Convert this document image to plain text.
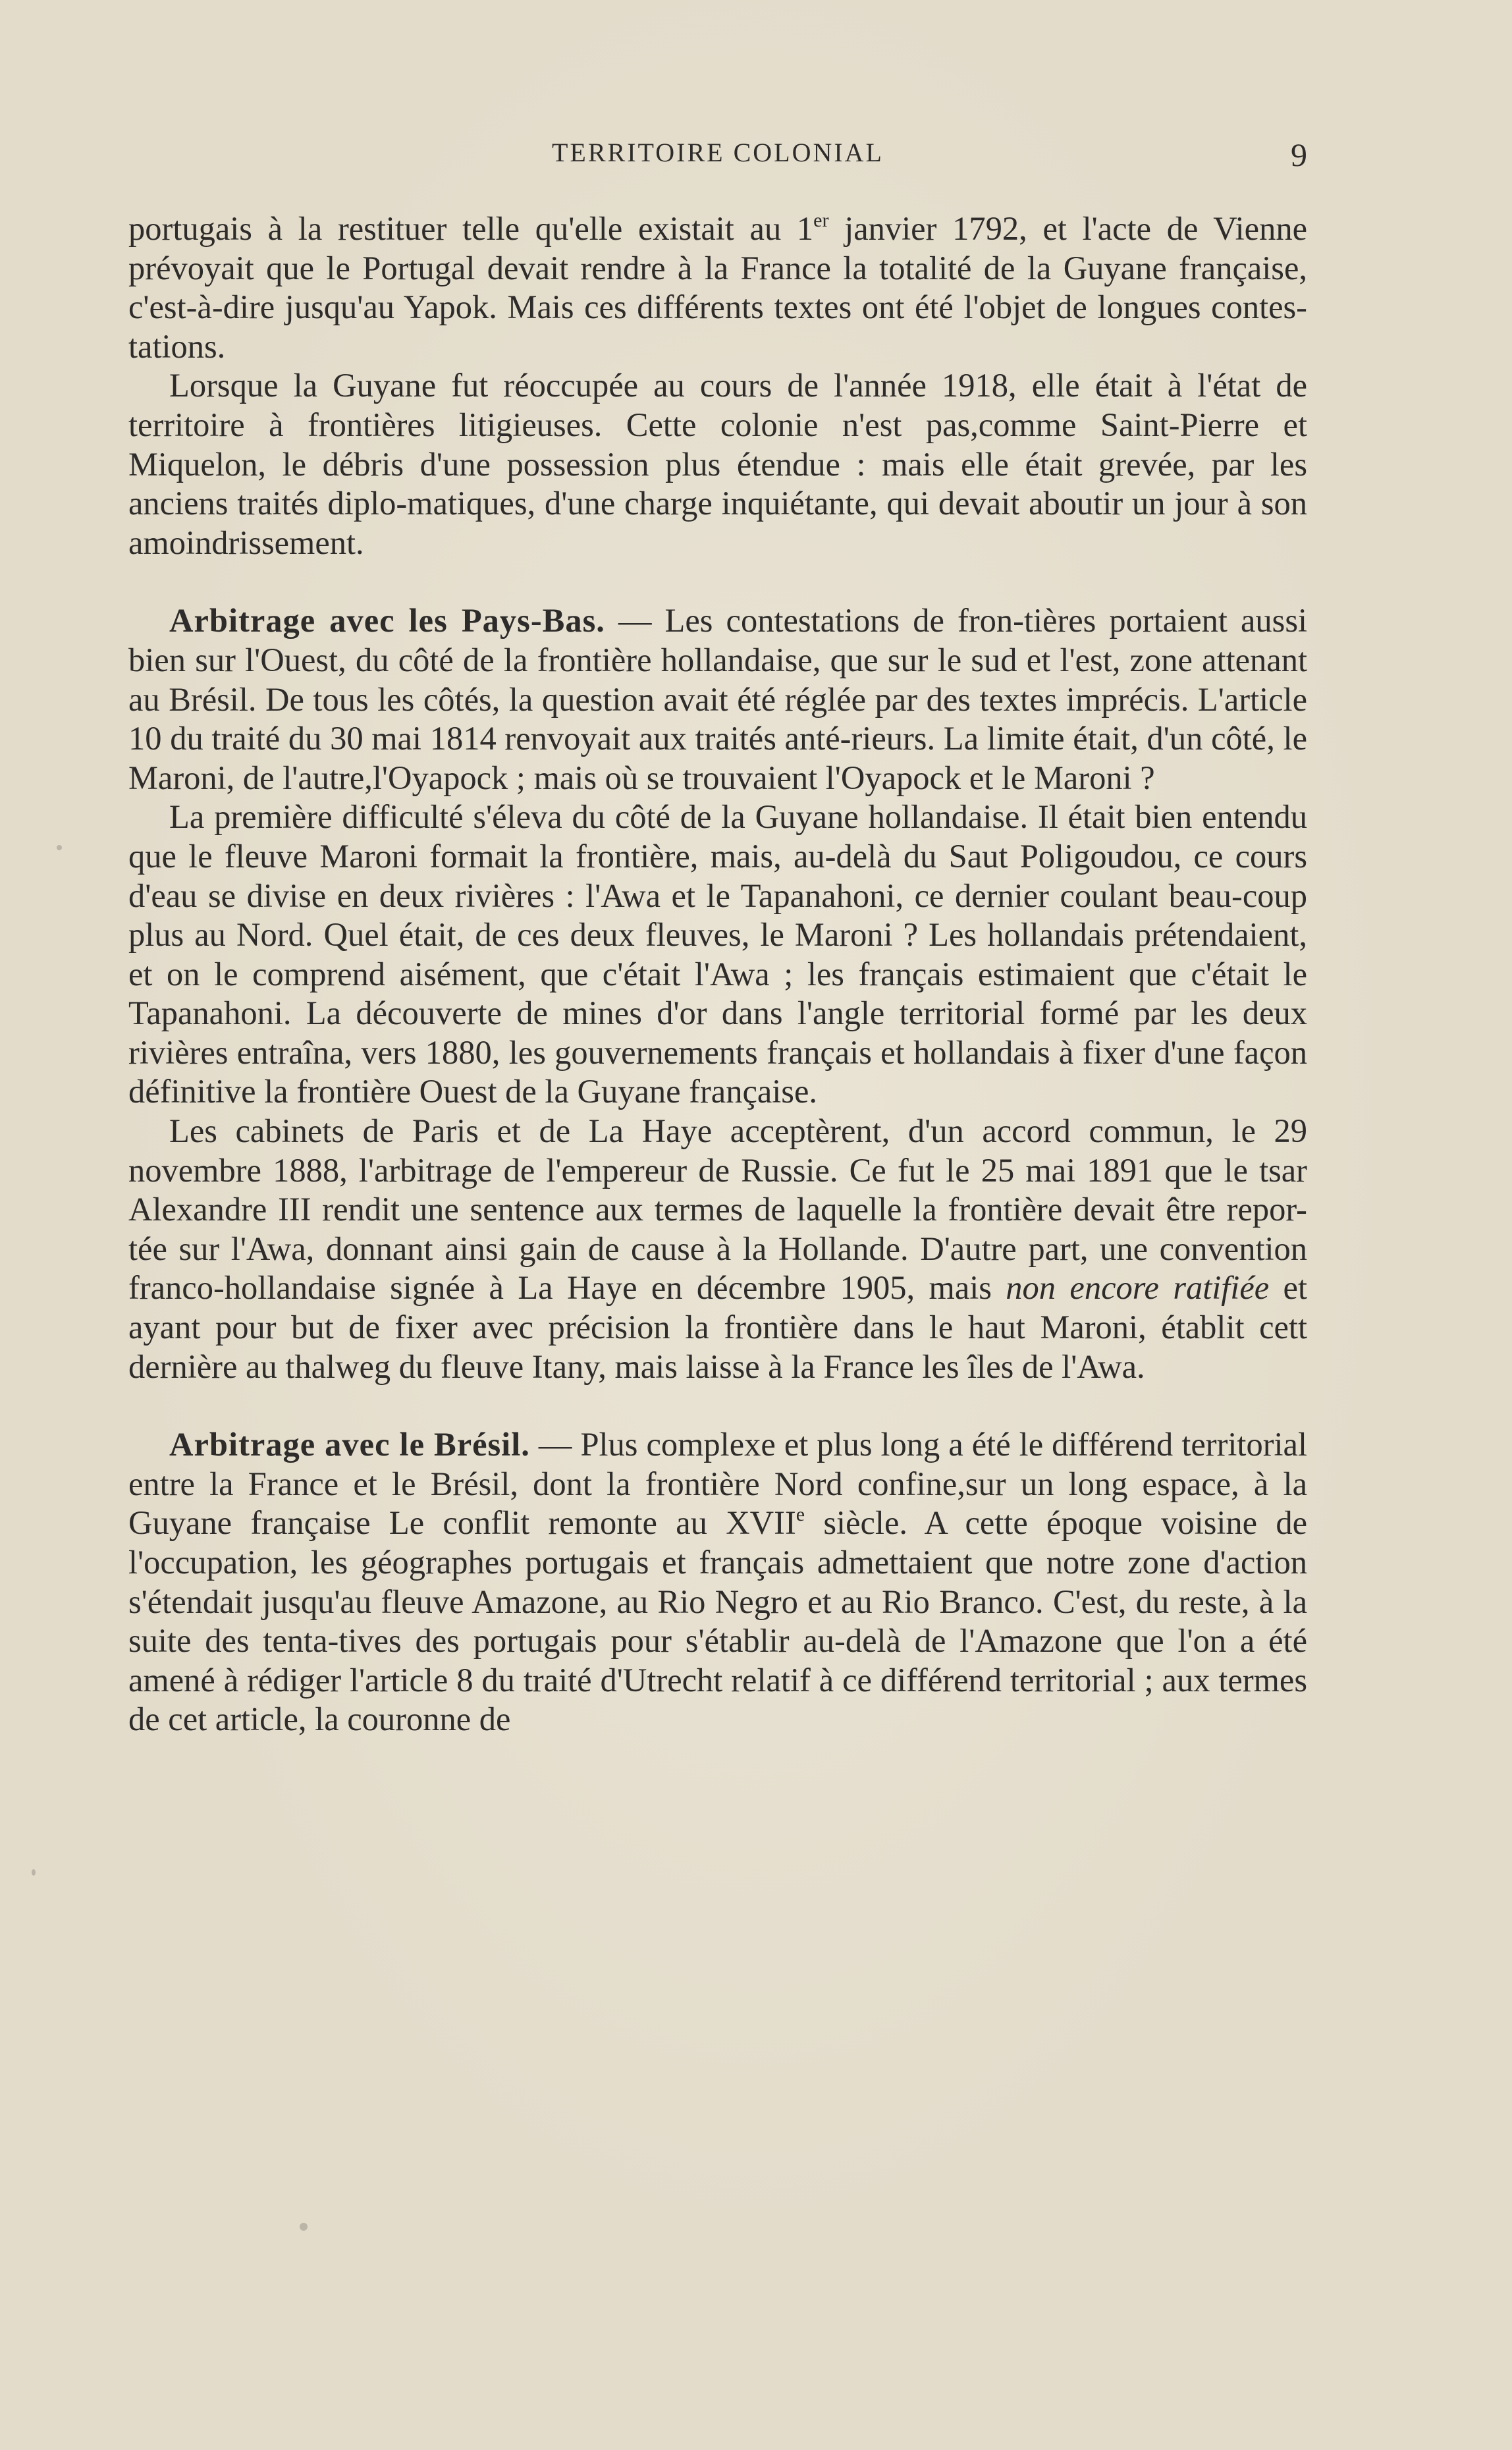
TERRITOIRE COLONIAL	9

portugais à la restituer telle qu'elle existait au 1er janvier 1792, et l'acte de Vienne prévoyait que le Portugal devait rendre à la France la totalité de la Guyane française, c'est-à-dire jusqu'au Yapok. Mais ces différents textes ont été l'objet de longues contes-tations.

Lorsque la Guyane fut réoccupée au cours de l'année 1918, elle était à l'état de territoire à frontières litigieuses. Cette colonie n'est pas,comme Saint-Pierre et Miquelon, le débris d'une possession plus étendue : mais elle était grevée, par les anciens traités diplo-matiques, d'une charge inquiétante, qui devait aboutir un jour à son amoindrissement.

Arbitrage avec les Pays-Bas. — Les contestations de fron-tières portaient aussi bien sur l'Ouest, du côté de la frontière hollandaise, que sur le sud et l'est, zone attenant au Brésil. De tous les côtés, la question avait été réglée par des textes imprécis. L'article 10 du traité du 30 mai 1814 renvoyait aux traités anté-rieurs. La limite était, d'un côté, le Maroni, de l'autre,l'Oyapock ; mais où se trouvaient l'Oyapock et le Maroni ?

La première difficulté s'éleva du côté de la Guyane hollandaise. Il était bien entendu que le fleuve Maroni formait la frontière, mais, au-delà du Saut Poligoudou, ce cours d'eau se divise en deux rivières : l'Awa et le Tapanahoni, ce dernier coulant beau-coup plus au Nord. Quel était, de ces deux fleuves, le Maroni ? Les hollandais prétendaient, et on le comprend aisément, que c'était l'Awa ; les français estimaient que c'était le Tapanahoni. La découverte de mines d'or dans l'angle territorial formé par les deux rivières entraîna, vers 1880, les gouvernements français et hollandais à fixer d'une façon définitive la frontière Ouest de la Guyane française.

Les cabinets de Paris et de La Haye acceptèrent, d'un accord commun, le 29 novembre 1888, l'arbitrage de l'empereur de Russie. Ce fut le 25 mai 1891 que le tsar Alexandre III rendit une sentence aux termes de laquelle la frontière devait être repor-tée sur l'Awa, donnant ainsi gain de cause à la Hollande. D'autre part, une convention franco-hollandaise signée à La Haye en décembre 1905, mais non encore ratifiée et ayant pour but de fixer avec précision la frontière dans le haut Maroni, établit cett dernière au thalweg du fleuve Itany, mais laisse à la France les îles de l'Awa.

Arbitrage avec le Brésil. — Plus complexe et plus long a été le différend territorial entre la France et le Brésil, dont la frontière Nord confine,sur un long espace, à la Guyane française Le conflit remonte au XVIIe siècle. A cette époque voisine de l'occupation, les géographes portugais et français admettaient que notre zone d'action s'étendait jusqu'au fleuve Amazone, au Rio Negro et au Rio Branco. C'est, du reste, à la suite des tenta-tives des portugais pour s'établir au-delà de l'Amazone que l'on a été amené à rédiger l'article 8 du traité d'Utrecht relatif à ce différend territorial ; aux termes de cet article, la couronne de
